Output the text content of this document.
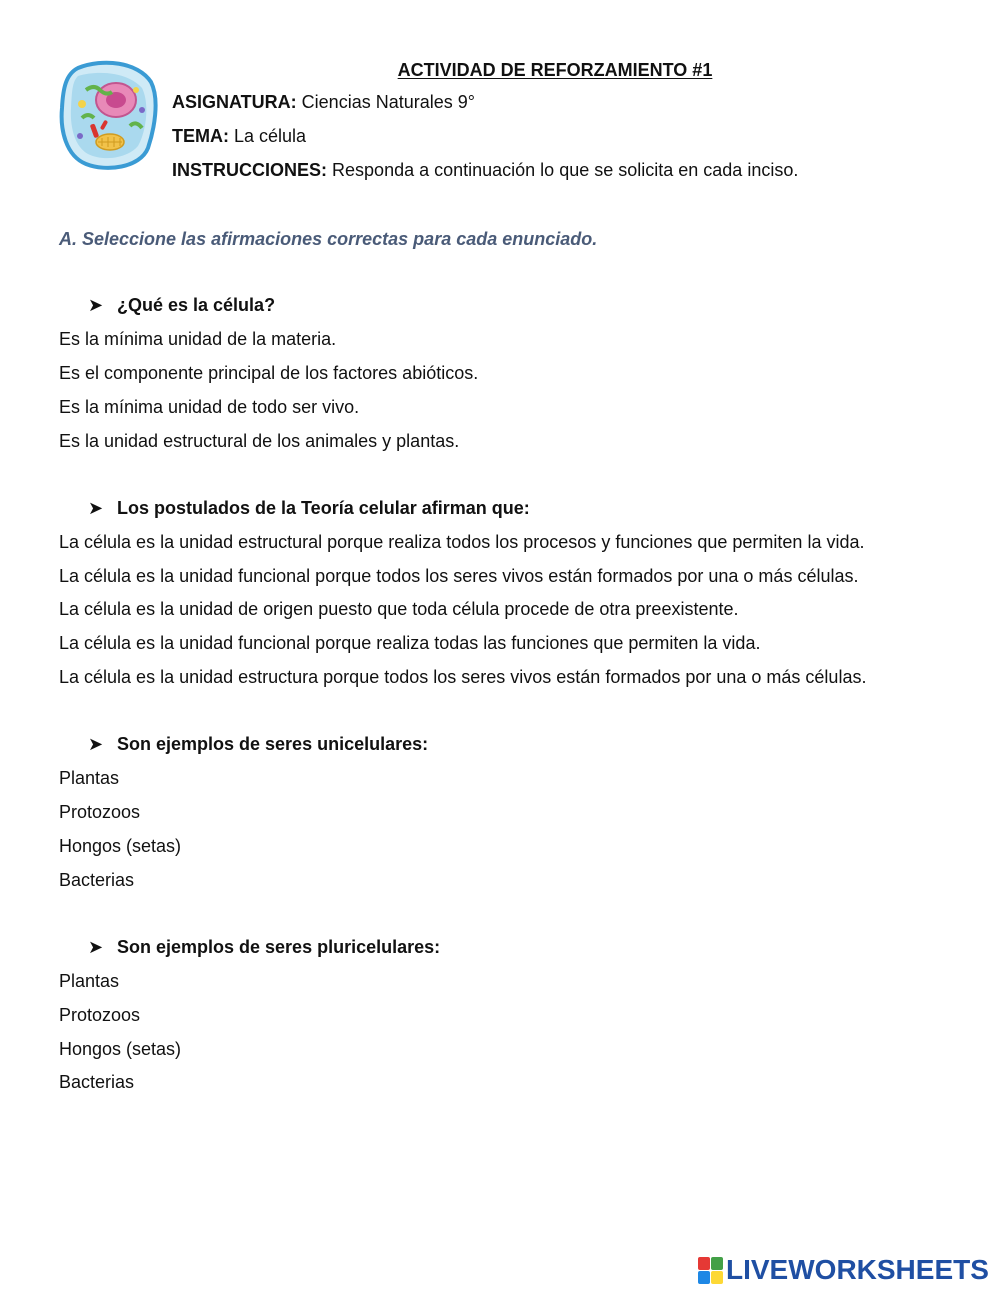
ACTIVIDAD DE REFORZAMIENTO #1
ASIGNATURA: Ciencias Naturales 9°
TEMA: La célula
INSTRUCCIONES: Responda a continuación lo que se solicita en cada inciso.
A. Seleccione las afirmaciones correctas para cada enunciado.
➤ ¿Qué es la célula?
Es la mínima unidad de la materia.
Es el componente principal de los factores abióticos.
Es la mínima unidad de todo ser vivo.
Es la unidad estructural de los animales y plantas.
➤ Los postulados de la Teoría celular afirman que:
La célula es la unidad estructural porque realiza todos los procesos y funciones que permiten la vida.
La célula es la unidad funcional porque todos los seres vivos están formados por una o más células.
La célula es la unidad de origen puesto que toda célula procede de otra preexistente.
La célula es la unidad funcional porque realiza todas las funciones que permiten la vida.
La célula es la unidad estructura porque todos los seres vivos están formados por una o más células.
➤ Son ejemplos de seres unicelulares:
Plantas
Protozoos
Hongos (setas)
Bacterias
➤ Son ejemplos de seres pluricelulares:
Plantas
Protozoos
Hongos (setas)
Bacterias
LIVEWORKSHEETS
